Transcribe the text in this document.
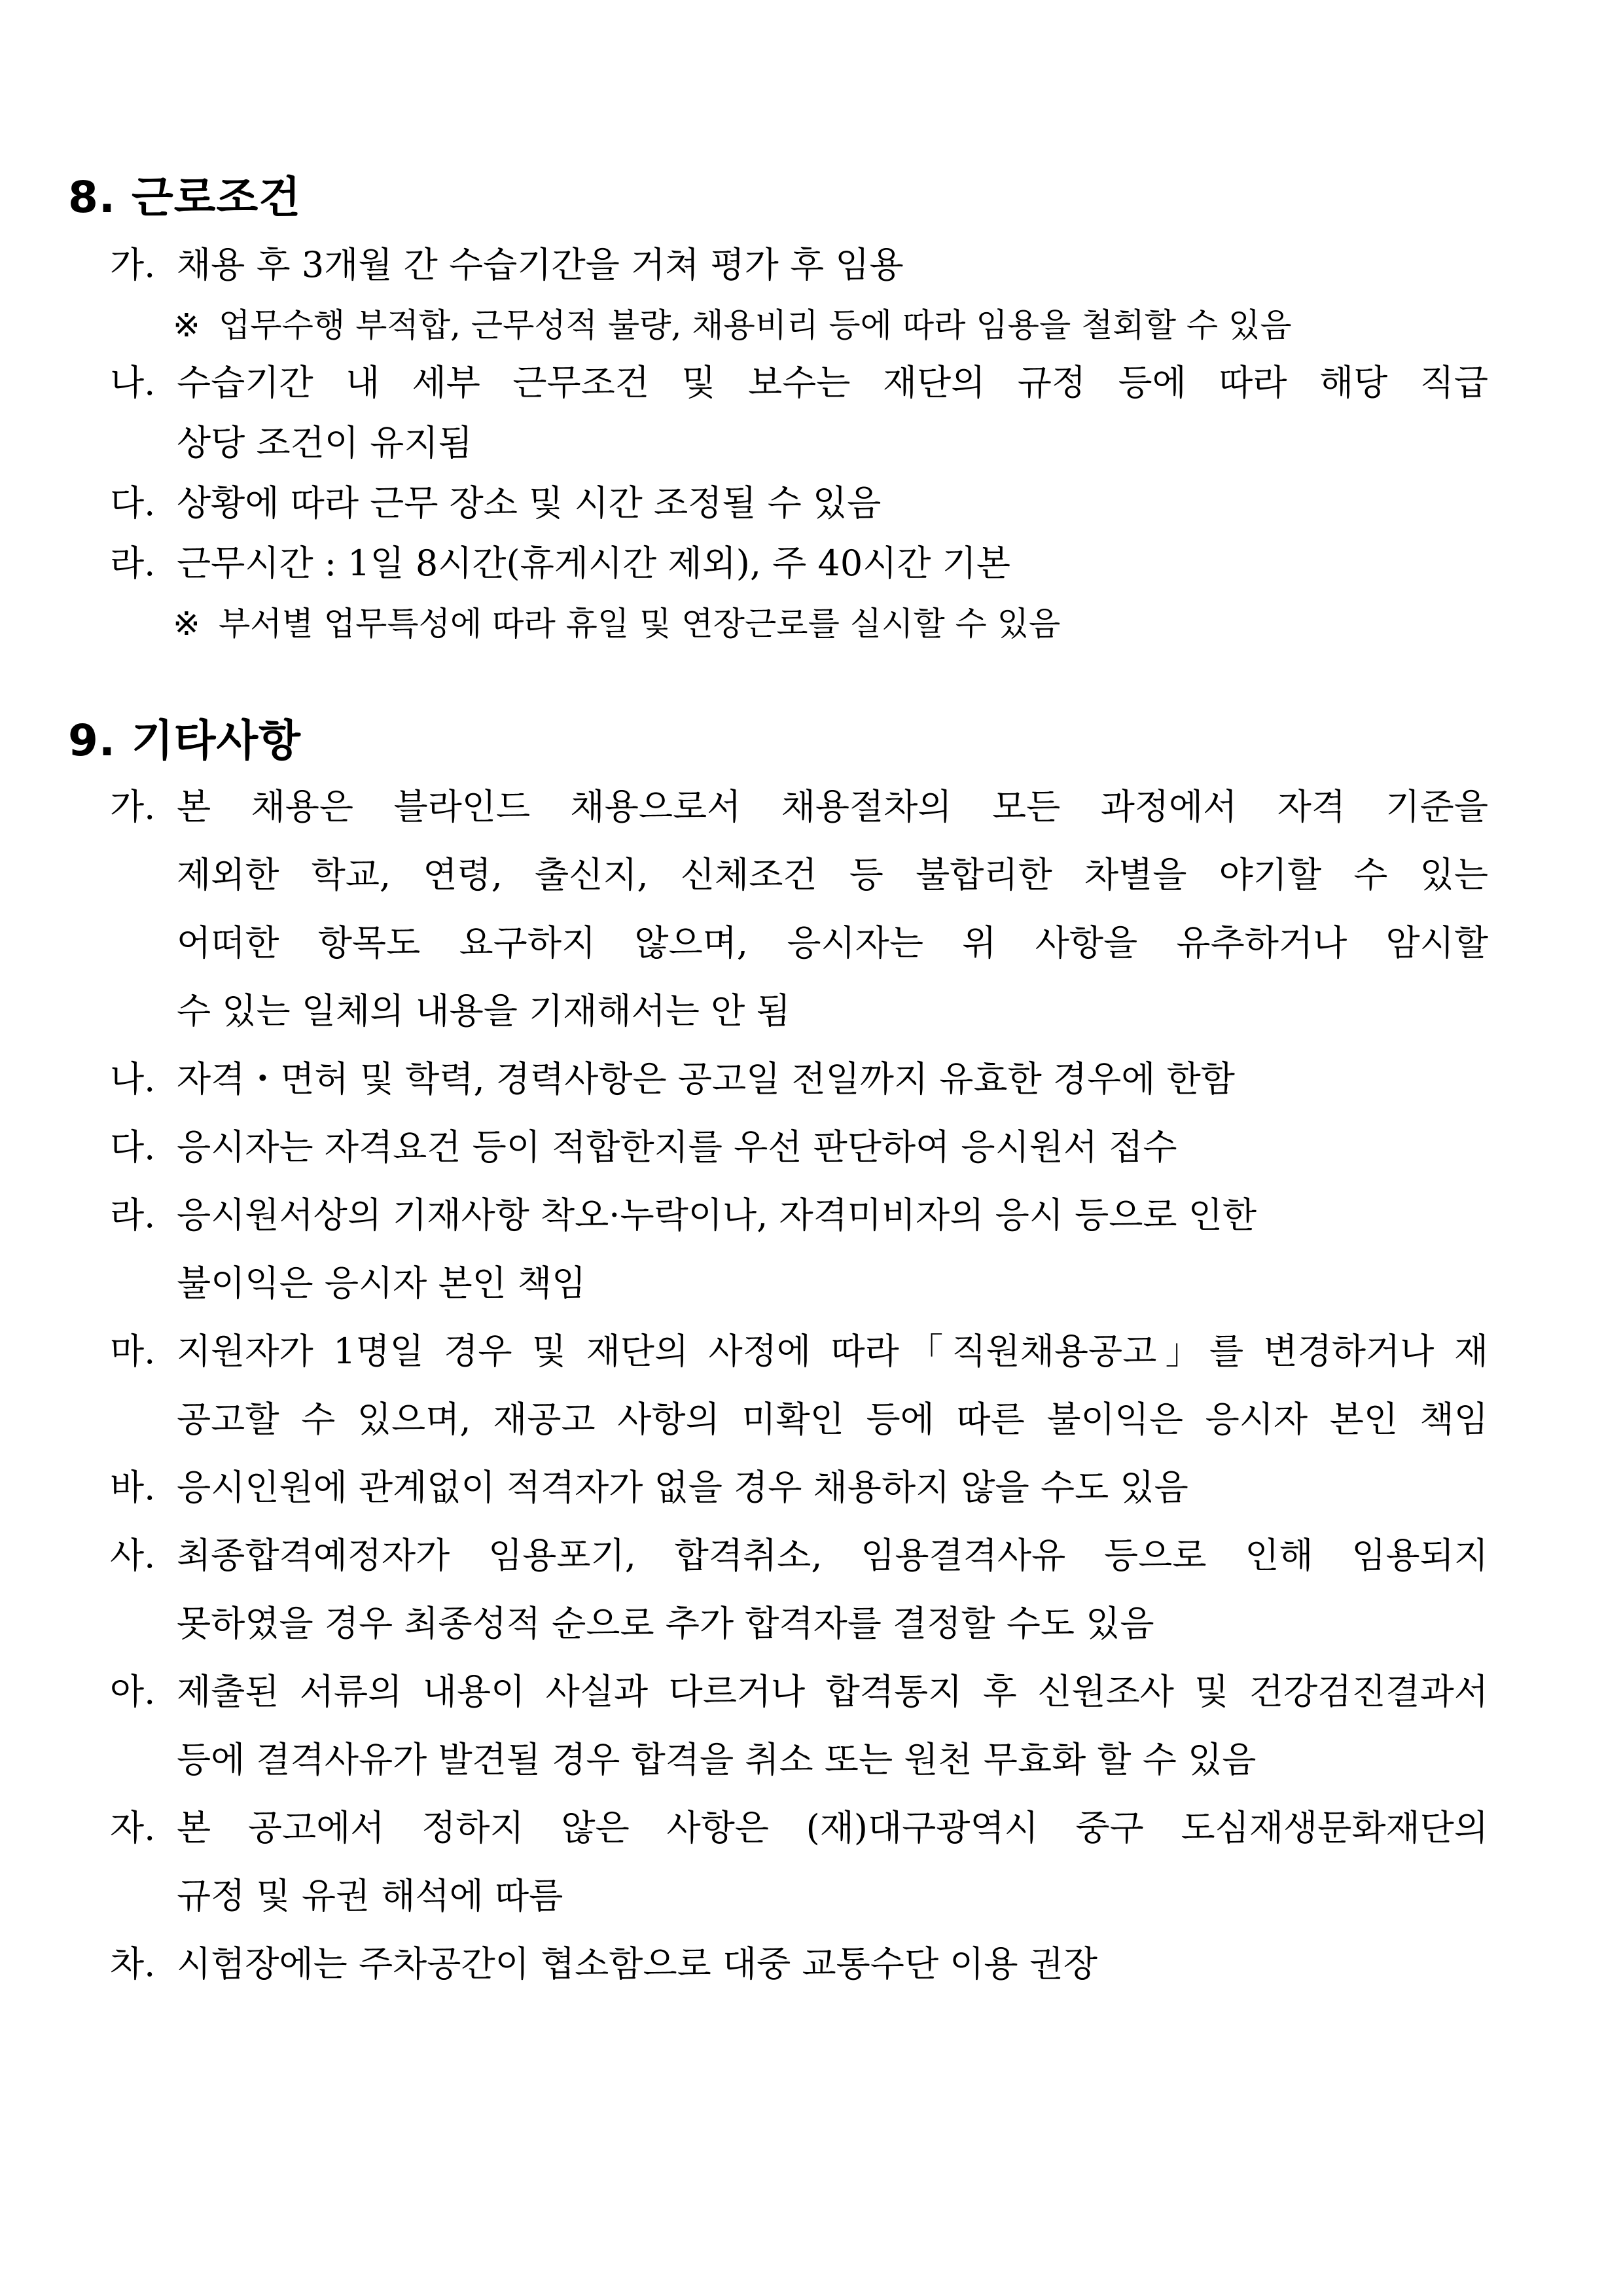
8. 근로조건

가. 채용 후 3개월 간 수습기간을 거쳐 평가 후 임용

※ 업무수행 부적합, 근무성적 불량, 채용비리 등에 따라 임용을 철회할 수 있음

나. 수습기간 내 세부 근무조건 및 보수는 재단의 규정 등에 따라 해당 직급

상당 조건이 유지됨

다. 상황에 따라 근무 장소 및 시간 조정될 수 있음

라. 근무시간 : 1일 8시간(휴게시간 제외), 주 40시간 기본

※ 부서별 업무특성에 따라 휴일 및 연장근로를 실시할 수 있음

9. 기타사항

가. 본 채용은 블라인드 채용으로서 채용절차의 모든 과정에서 자격 기준을

제외한 학교, 연령, 출신지, 신체조건 등 불합리한 차별을 야기할 수 있는

어떠한 항목도 요구하지 않으며, 응시자는 위 사항을 유추하거나 암시할

수 있는 일체의 내용을 기재해서는 안 됨

나. 자격・면허 및 학력, 경력사항은 공고일 전일까지 유효한 경우에 한함

다. 응시자는 자격요건 등이 적합한지를 우선 판단하여 응시원서 접수

라. 응시원서상의 기재사항 착오·누락이나, 자격미비자의 응시 등으로 인한

불이익은 응시자 본인 책임

마. 지원자가 1명일 경우 및 재단의 사정에 따라「직원채용공고」를 변경하거나 재

공고할 수 있으며, 재공고 사항의 미확인 등에 따른 불이익은 응시자 본인 책임

바. 응시인원에 관계없이 적격자가 없을 경우 채용하지 않을 수도 있음

사. 최종합격예정자가 임용포기, 합격취소, 임용결격사유 등으로 인해 임용되지

못하였을 경우 최종성적 순으로 추가 합격자를 결정할 수도 있음

아. 제출된 서류의 내용이 사실과 다르거나 합격통지 후 신원조사 및 건강검진결과서

등에 결격사유가 발견될 경우 합격을 취소 또는 원천 무효화 할 수 있음

자. 본 공고에서 정하지 않은 사항은 (재)대구광역시 중구 도심재생문화재단의

규정 및 유권 해석에 따름

차. 시험장에는 주차공간이 협소함으로 대중 교통수단 이용 권장
